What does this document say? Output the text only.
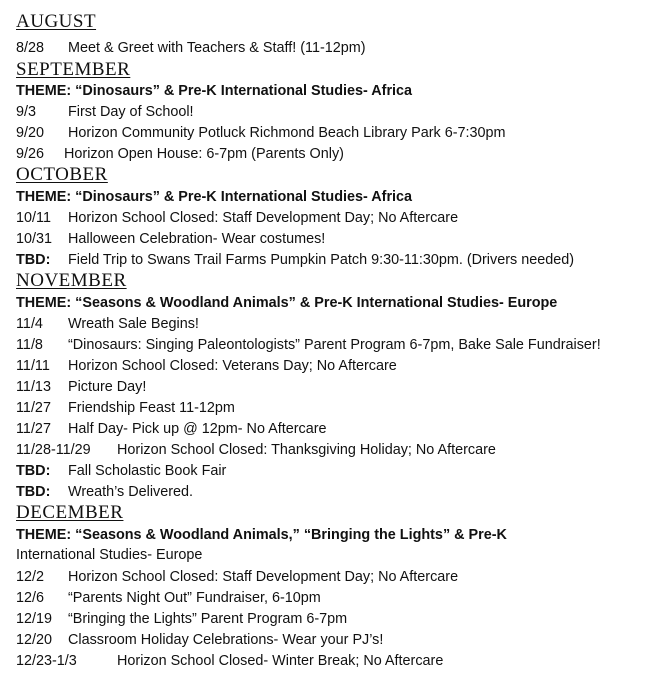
AUGUST
8/28 Meet & Greet with Teachers & Staff! (11-12pm)
SEPTEMBER
THEME: “Dinosaurs” & Pre-K International Studies- Africa
9/3 First Day of School!
9/20 Horizon Community Potluck Richmond Beach Library Park 6-7:30pm
9/26 Horizon Open House: 6-7pm (Parents Only)
OCTOBER
THEME: “Dinosaurs” & Pre-K International Studies- Africa
10/11 Horizon School Closed: Staff Development Day; No Aftercare
10/31 Halloween Celebration- Wear costumes!
TBD: Field Trip to Swans Trail Farms Pumpkin Patch 9:30-11:30pm. (Drivers needed)
NOVEMBER
THEME: “Seasons & Woodland Animals” & Pre-K International Studies- Europe
11/4 Wreath Sale Begins!
11/8 “Dinosaurs: Singing Paleontologists” Parent Program 6-7pm, Bake Sale Fundraiser!
11/11 Horizon School Closed: Veterans Day; No Aftercare
11/13 Picture Day!
11/27 Friendship Feast 11-12pm
11/27 Half Day- Pick up @ 12pm- No Aftercare
11/28-11/29 Horizon School Closed: Thanksgiving Holiday; No Aftercare
TBD: Fall Scholastic Book Fair
TBD: Wreath’s Delivered.
DECEMBER
THEME: “Seasons & Woodland Animals,” “Bringing the Lights” & Pre-K
International Studies- Europe
12/2 Horizon School Closed: Staff Development Day; No Aftercare
12/6 “Parents Night Out” Fundraiser, 6-10pm
12/19 “Bringing the Lights” Parent Program 6-7pm
12/20 Classroom Holiday Celebrations- Wear your PJ’s!
12/23-1/3	Horizon School Closed- Winter Break; No Aftercare
